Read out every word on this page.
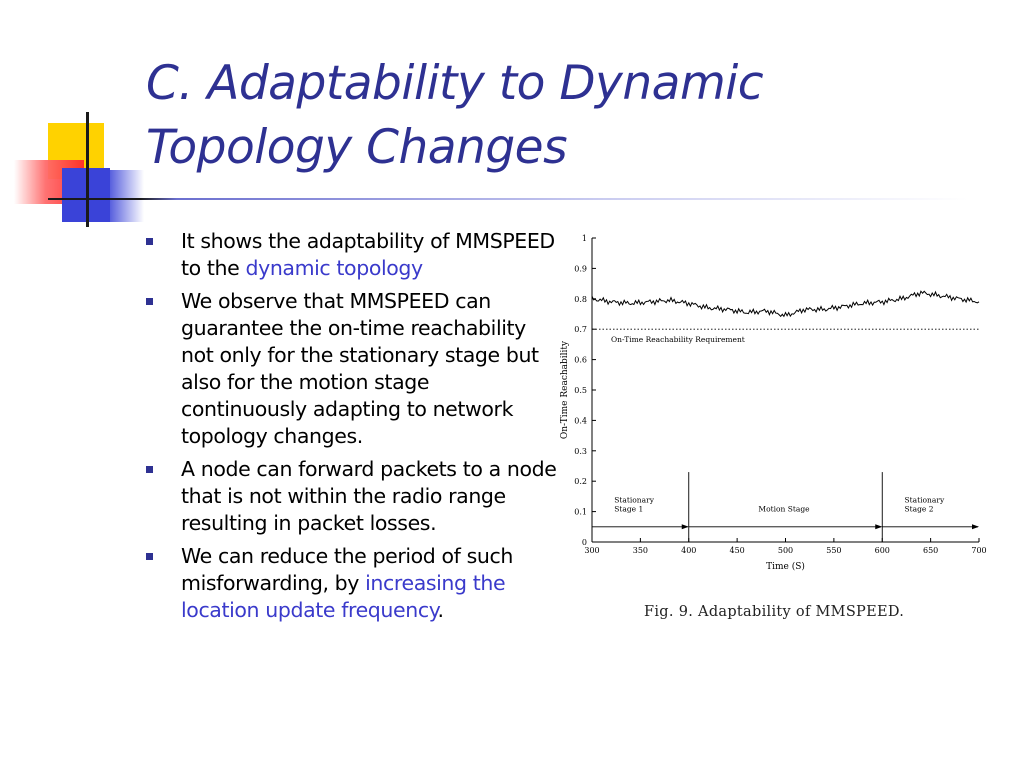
C. Adaptability to Dynamic
Topology Changes
It shows the adaptability of MMSPEED to the dynamic topology
We observe that MMSPEED can guarantee the on-time reachability not only for the stationary stage but also for the motion stage continuously adapting to network topology changes.
A node can forward packets to a node that is not within the radio range resulting in packet losses.
We can reduce the period of such misforwarding, by increasing the location update frequency.
0
0.1
0.2
0.3
0.4
0.5
0.6
0.7
0.8
0.9
1
300	350	400	450	500	550	600	650	700
Time (S)
On-Time Reachability
On-Time Reachability Requirement
Stationary
Stage 1	Motion Stage
Stationary
Stage 2
Fig. 9. Adaptability of MMSPEED.
